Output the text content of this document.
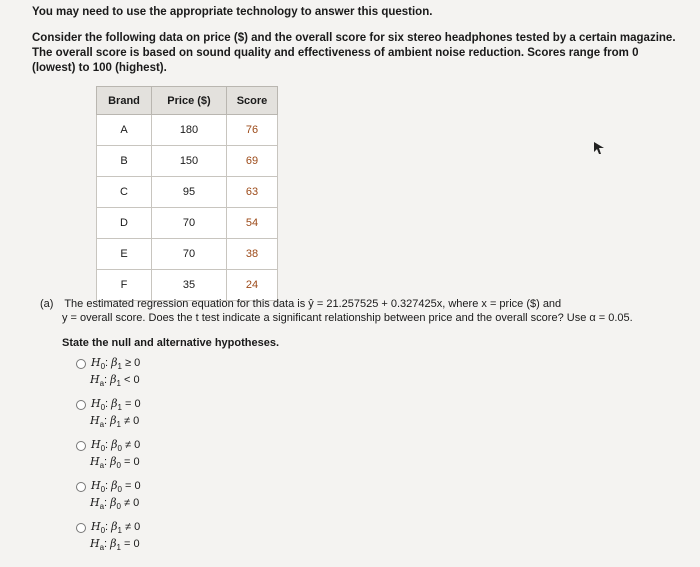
You may need to use the appropriate technology to answer this question.
Consider the following data on price ($) and the overall score for six stereo headphones tested by a certain magazine. The overall score is based on sound quality and effectiveness of ambient noise reduction. Scores range from 0 (lowest) to 100 (highest).
Brand	Price ($)	Score
A	180	76
B	150	69
C	95	63
D	70	54
E	70	38
F	35	24
(a) The estimated regression equation for this data is ŷ = 21.257525 + 0.327425x, where x = price ($) and
y = overall score. Does the t test indicate a significant relationship between price and the overall score? Use α = 0.05.
State the null and alternative hypotheses.
$H_0$: $\beta_1 \ge 0$
$H_a$: $\beta_1 < 0$
$H_0$: $\beta_1 = 0$
$H_a$: $\beta_1 \ne 0$
$H_0$: $\beta_0 \ne 0$
$H_a$: $\beta_0 = 0$
$H_0$: $\beta_0 = 0$
$H_a$: $\beta_0 \ne 0$
$H_0$: $\beta_1 \ne 0$
$H_a$: $\beta_1 = 0$
